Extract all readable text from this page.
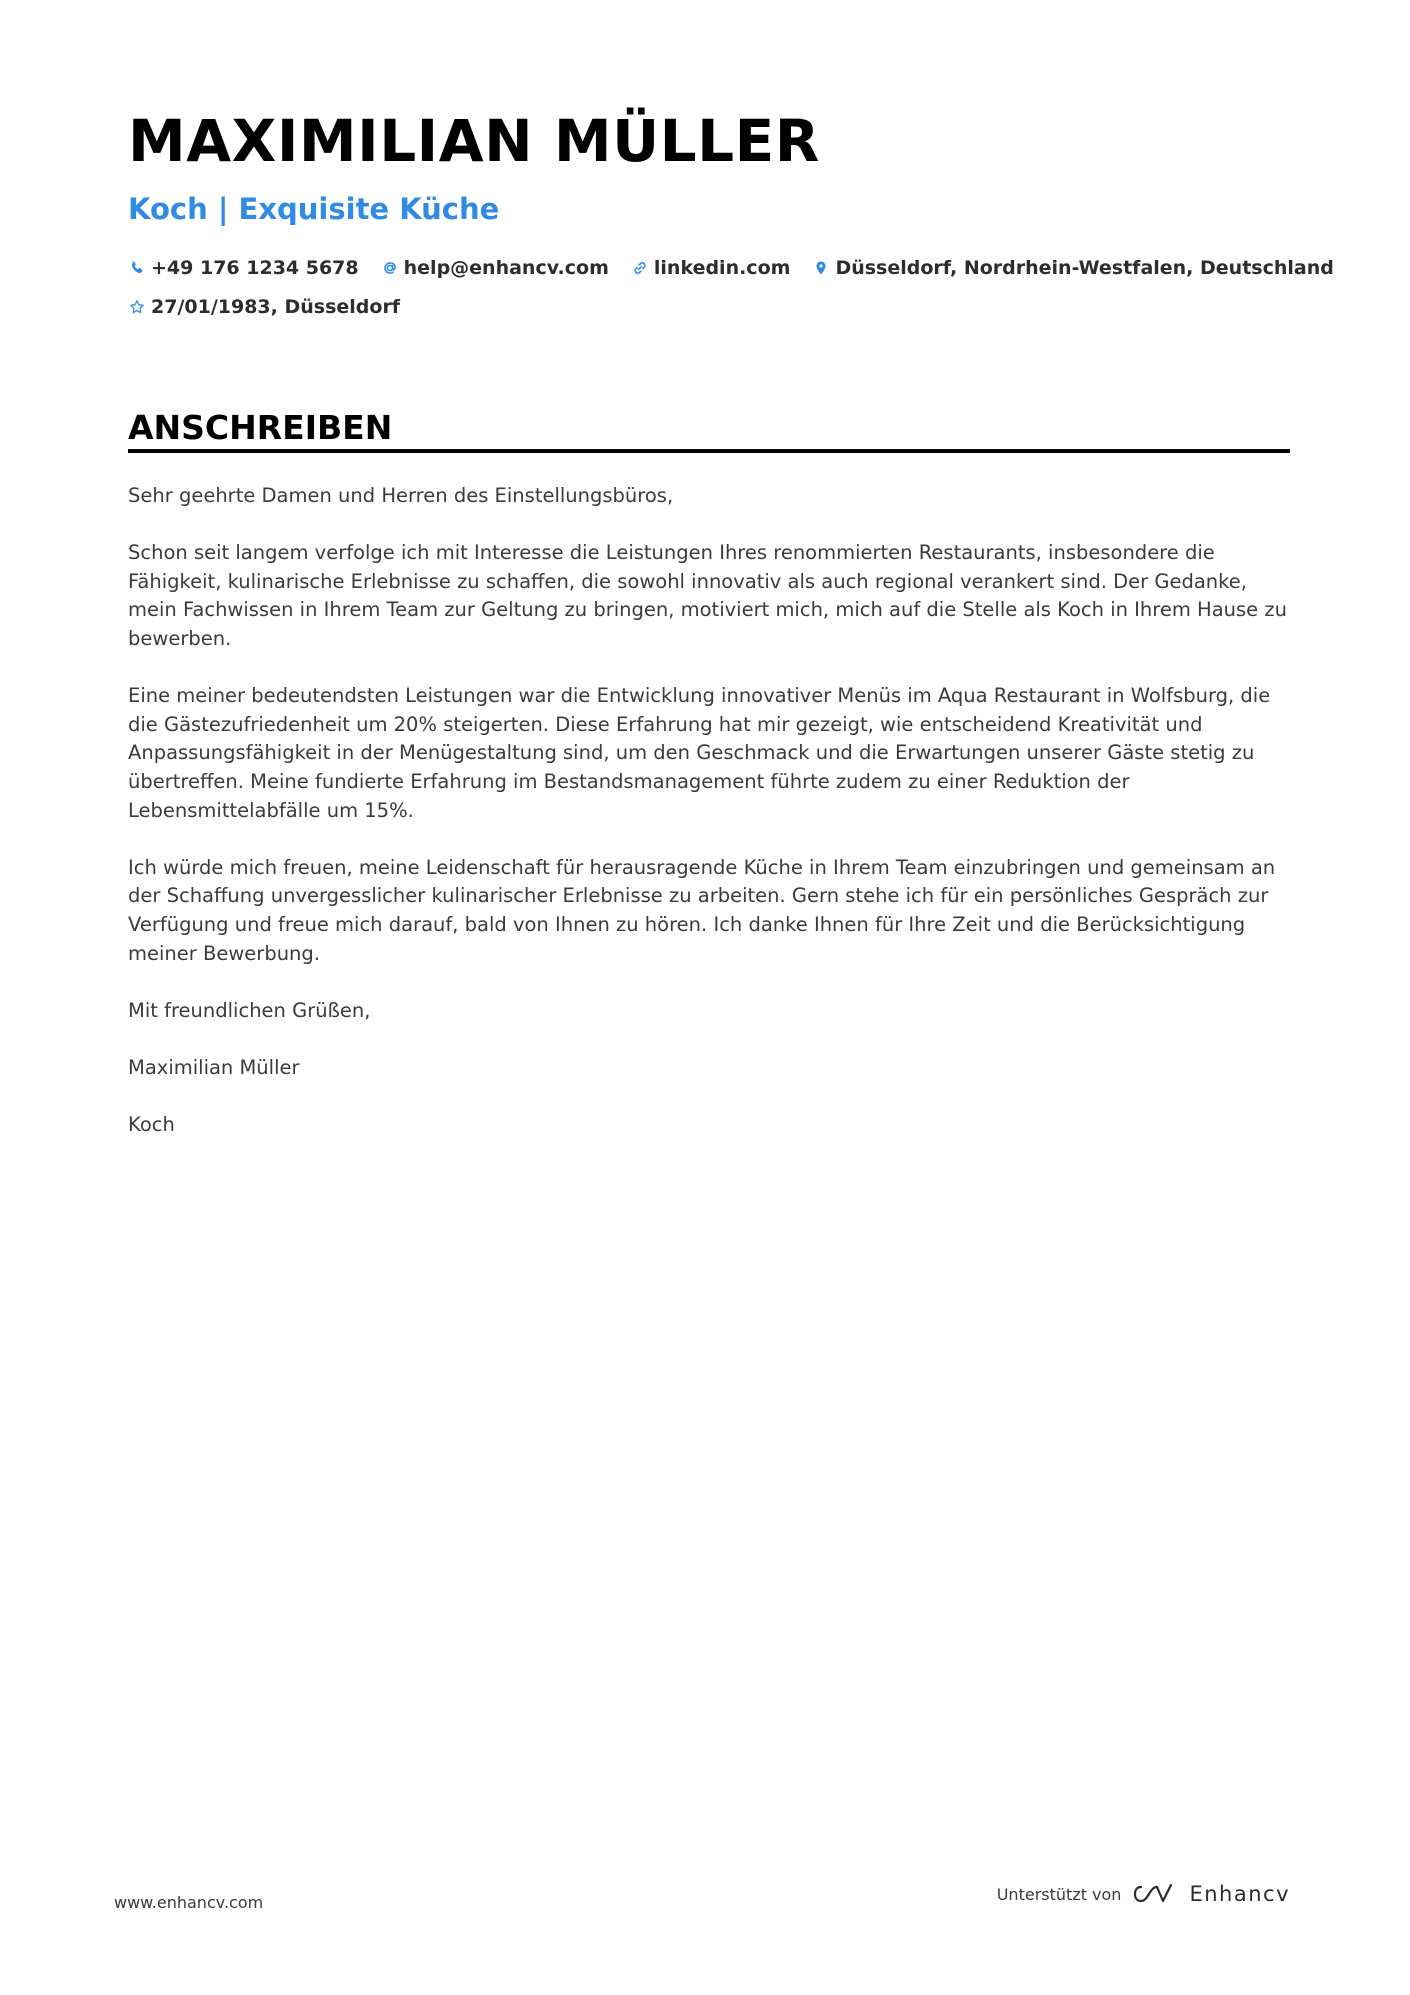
MAXIMILIAN MÜLLER
Koch | Exquisite Küche
+49 176 1234 5678 help@enhancv.com linkedin.com Düsseldorf, Nordrhein-Westfalen, Deutschland
27/01/1983, Düsseldorf
ANSCHREIBEN

Sehr geehrte Damen und Herren des Einstellungsbüros,

Schon seit langem verfolge ich mit Interesse die Leistungen Ihres renommierten Restaurants, insbesondere die Fähigkeit, kulinarische Erlebnisse zu schaffen, die sowohl innovativ als auch regional verankert sind. Der Gedanke, mein Fachwissen in Ihrem Team zur Geltung zu bringen, motiviert mich, mich auf die Stelle als Koch in Ihrem Hause zu bewerben.

Eine meiner bedeutendsten Leistungen war die Entwicklung innovativer Menüs im Aqua Restaurant in Wolfsburg, die die Gästezufriedenheit um 20% steigerten. Diese Erfahrung hat mir gezeigt, wie entscheidend Kreativität und Anpassungsfähigkeit in der Menügestaltung sind, um den Geschmack und die Erwartungen unserer Gäste stetig zu übertreffen. Meine fundierte Erfahrung im Bestandsmanagement führte zudem zu einer Reduktion der Lebensmittelabfälle um 15%.

Ich würde mich freuen, meine Leidenschaft für herausragende Küche in Ihrem Team einzubringen und gemeinsam an der Schaffung unvergesslicher kulinarischer Erlebnisse zu arbeiten. Gern stehe ich für ein persönliches Gespräch zur Verfügung und freue mich darauf, bald von Ihnen zu hören. Ich danke Ihnen für Ihre Zeit und die Berücksichtigung meiner Bewerbung.

Mit freundlichen Grüßen,

Maximilian Müller

Koch

www.enhancv.com	Unterstützt von	Enhancv
